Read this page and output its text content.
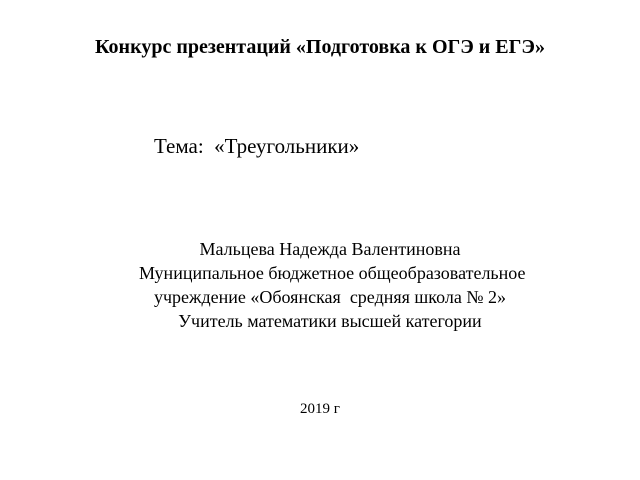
Конкурс презентаций «Подготовка к ОГЭ и ЕГЭ»
Тема:  «Треугольники»
Мальцева Надежда Валентиновна
Муниципальное бюджетное общеобразовательное
учреждение «Обоянская  средняя школа № 2»
Учитель математики высшей категории
2019 г
